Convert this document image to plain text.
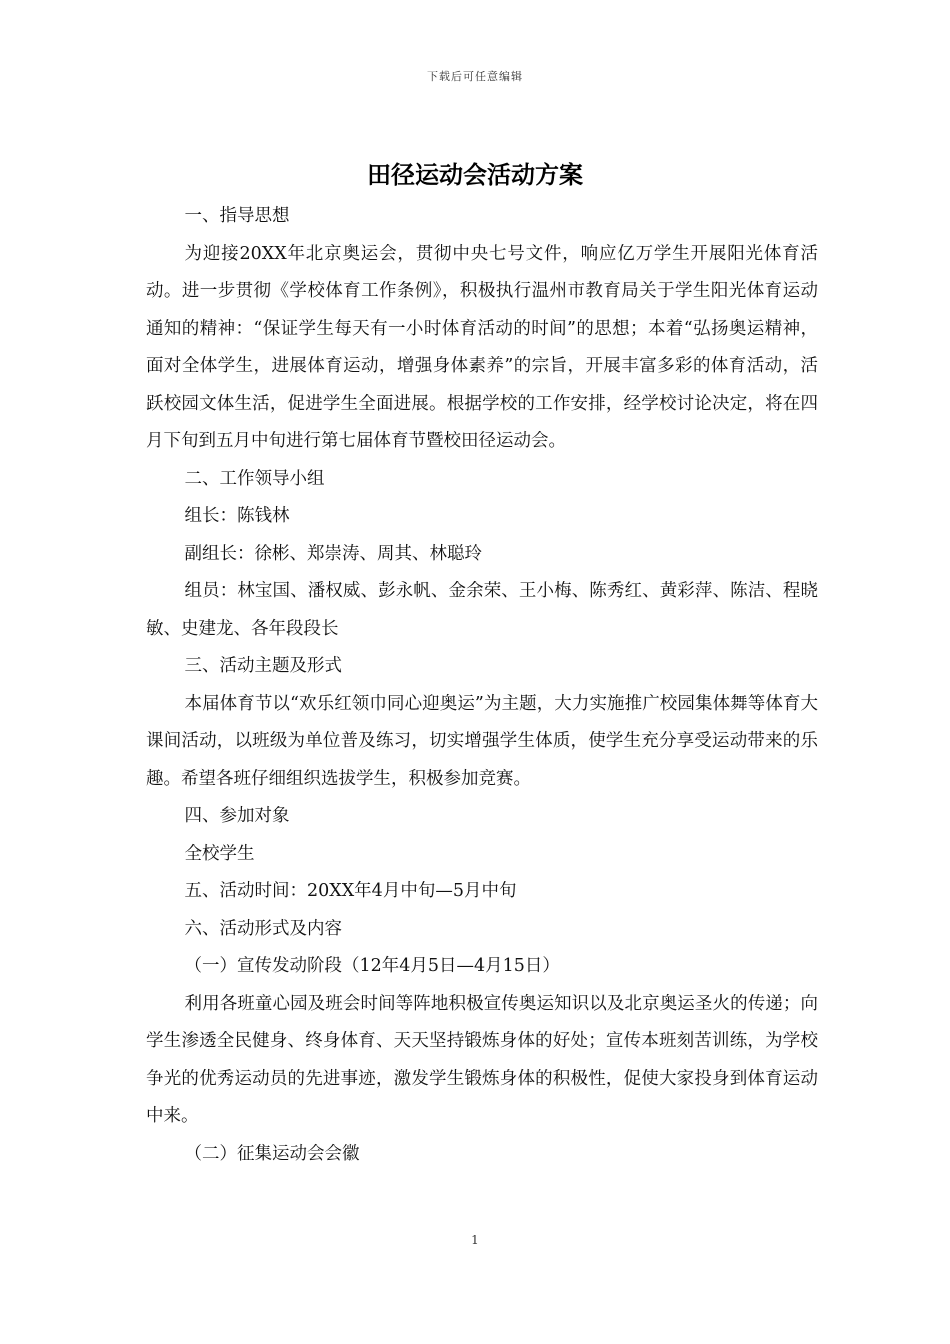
下载后可任意编辑
田径运动会活动方案

一、指导思想

为迎接20XX年北京奥运会，贯彻中央七号文件，响应亿万学生开展阳光体育活动。进一步贯彻《学校体育工作条例》，积极执行温州市教育局关于学生阳光体育运动通知的精神：“保证学生每天有一小时体育活动的时间”的思想；本着“弘扬奥运精神，面对全体学生，进展体育运动，增强身体素养”的宗旨，开展丰富多彩的体育活动，活跃校园文体生活，促进学生全面进展。根据学校的工作安排，经学校讨论决定，将在四月下旬到五月中旬进行第七届体育节暨校田径运动会。

二、工作领导小组

组长：陈钱林

副组长：徐彬、郑崇涛、周其、林聪玲

组员：林宝国、潘权威、彭永帆、金余荣、王小梅、陈秀红、黄彩萍、陈洁、程晓敏、史建龙、各年段段长

三、活动主题及形式

本届体育节以“欢乐红领巾同心迎奥运”为主题，大力实施推广校园集体舞等体育大课间活动，以班级为单位普及练习，切实增强学生体质，使学生充分享受运动带来的乐趣。希望各班仔细组织选拔学生，积极参加竞赛。

四、参加对象

全校学生

五、活动时间：20XX年4月中旬—5月中旬

六、活动形式及内容

（一）宣传发动阶段（12年4月5日—4月15日）

利用各班童心园及班会时间等阵地积极宣传奥运知识以及北京奥运圣火的传递；向学生渗透全民健身、终身体育、天天坚持锻炼身体的好处；宣传本班刻苦训练，为学校争光的优秀运动员的先进事迹，激发学生锻炼身体的积极性，促使大家投身到体育运动中来。

（二）征集运动会会徽

1
